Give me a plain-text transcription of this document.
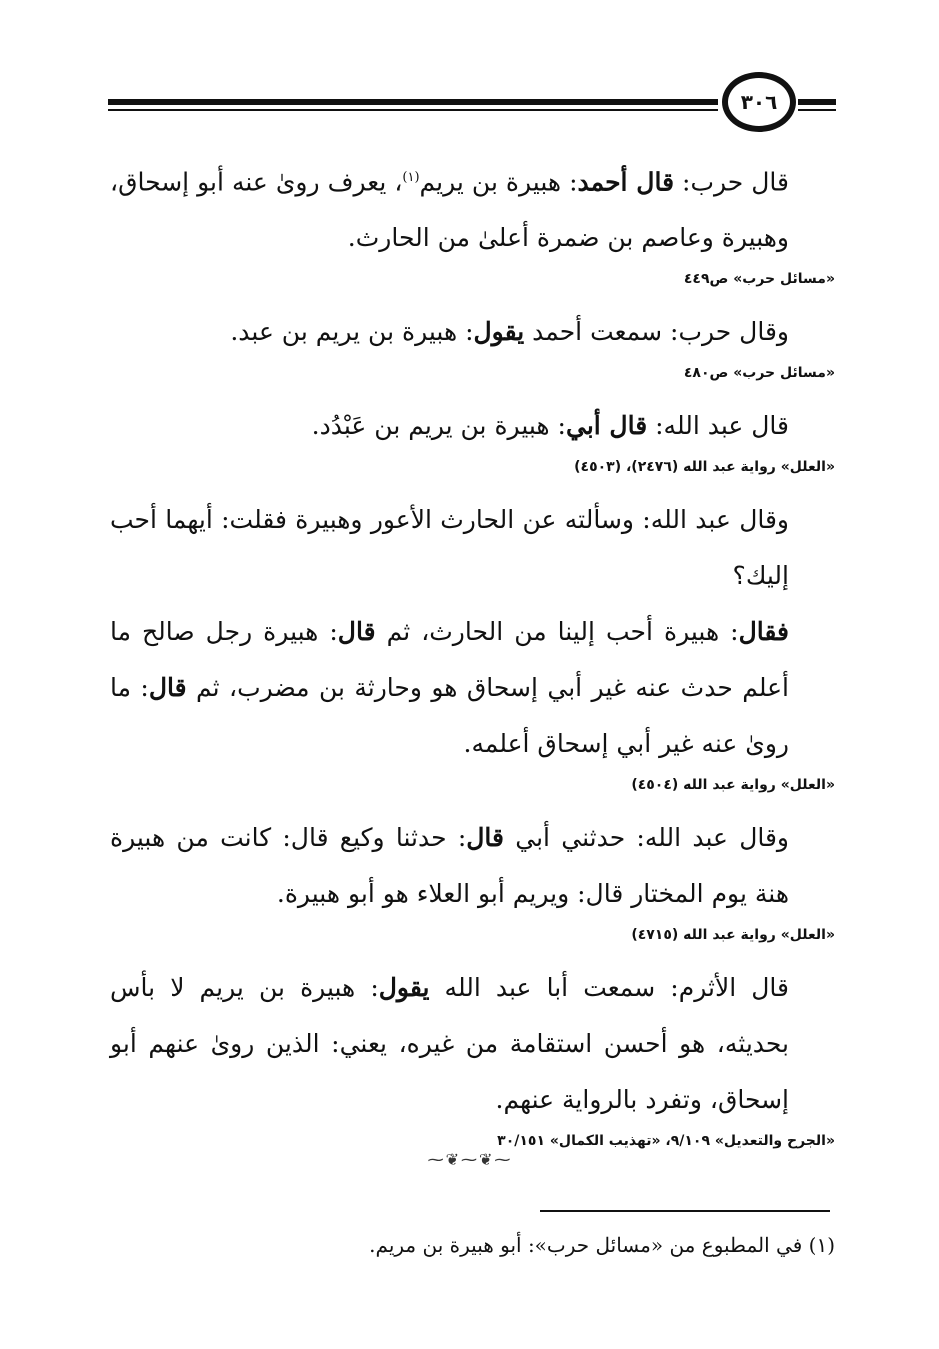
٣٠٦

قال حرب: قال أحمد: هبيرة بن يريم$^{(١)}$، يعرف روىٰ عنه أبو إسحاق، وهبيرة وعاصم بن ضمرة أعلىٰ من الحارث.

«مسائل حرب» ص٤٤٩

وقال حرب: سمعت أحمد يقول: هبيرة بن يريم بن عبد.

«مسائل حرب» ص٤٨٠

قال عبد الله: قال أبي: هبيرة بن يريم بن عَبْدُد.

«العلل» رواية عبد الله (٢٤٧٦)، (٤٥٠٣)

وقال عبد الله: وسألته عن الحارث الأعور وهبيرة فقلت: أيهما أحب إليك؟

فقال: هبيرة أحب إلينا من الحارث، ثم قال: هبيرة رجل صالح ما أعلم حدث عنه غير أبي إسحاق هو وحارثة بن مضرب، ثم قال: ما روىٰ عنه غير أبي إسحاق أعلمه.

«العلل» رواية عبد الله (٤٥٠٤)

وقال عبد الله: حدثني أبي قال: حدثنا وكيع قال: كانت من هبيرة هنة يوم المختار قال: ويريم أبو العلاء هو أبو هبيرة.

«العلل» رواية عبد الله (٤٧١٥)

قال الأثرم: سمعت أبا عبد الله يقول: هبيرة بن يريم لا بأس بحديثه، هو أحسن استقامة من غيره، يعني: الذين روىٰ عنهم أبو إسحاق، وتفرد بالرواية عنهم.

«الجرح والتعديل» ٩/١٠٩، «تهذيب الكمال» ٣٠/١٥١
⁓❦⁓❦⁓
(١) في المطبوع من «مسائل حرب»: أبو هبيرة بن مريم.
